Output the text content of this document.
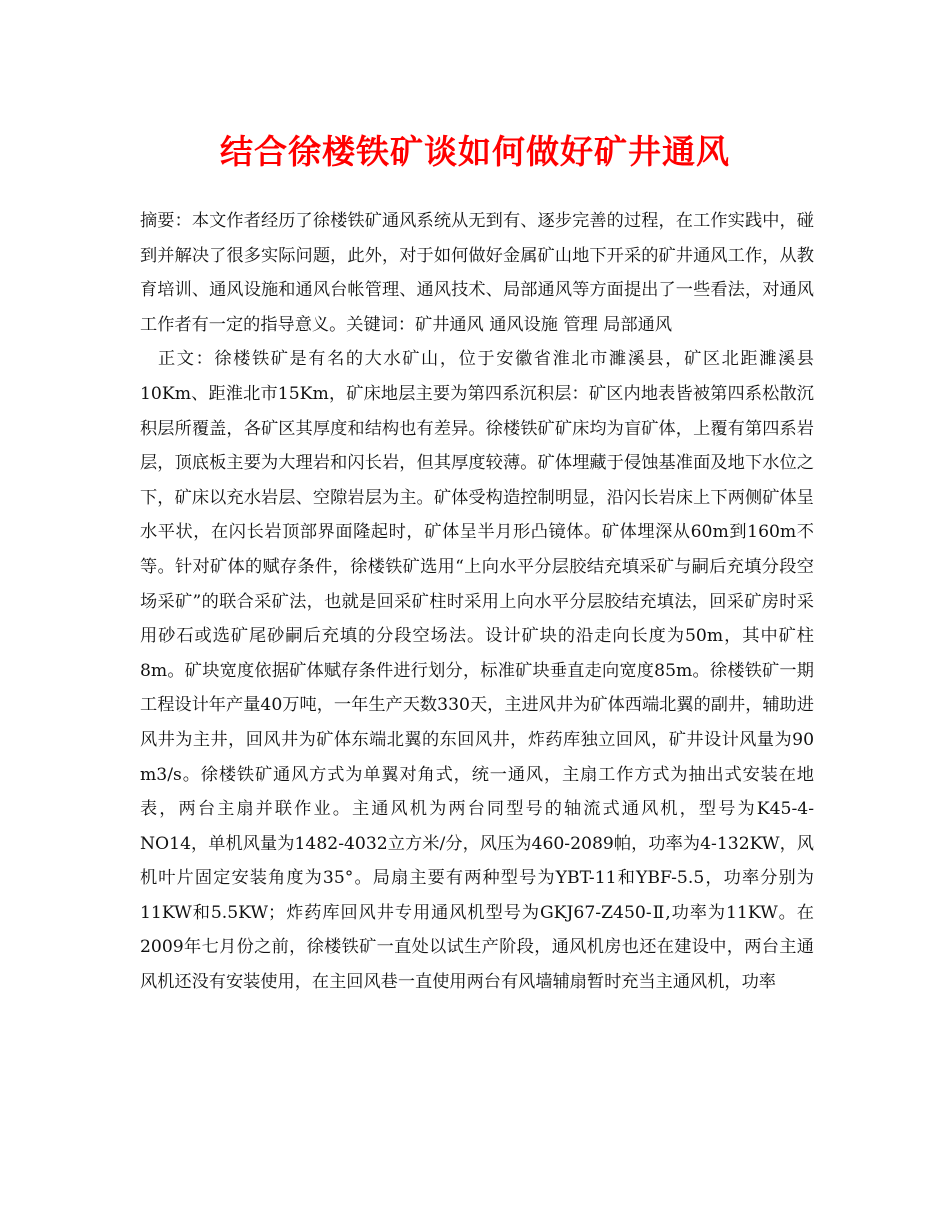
结合徐楼铁矿谈如何做好矿井通风

摘要：本文作者经历了徐楼铁矿通风系统从无到有、逐步完善的过程，在工作实践中，碰到并解决了很多实际问题，此外，对于如何做好金属矿山地下开采的矿井通风工作，从教育培训、通风设施和通风台帐管理、通风技术、局部通风等方面提出了一些看法，对通风工作者有一定的指导意义。关键词：矿井通风 通风设施 管理 局部通风

正文：徐楼铁矿是有名的大水矿山，位于安徽省淮北市濉溪县，矿区北距濉溪县10Km、距淮北市15Km，矿床地层主要为第四系沉积层：矿区内地表皆被第四系松散沉积层所覆盖，各矿区其厚度和结构也有差异。徐楼铁矿矿床均为盲矿体，上覆有第四系岩层，顶底板主要为大理岩和闪长岩，但其厚度较薄。矿体埋藏于侵蚀基准面及地下水位之下，矿床以充水岩层、空隙岩层为主。矿体受构造控制明显，沿闪长岩床上下两侧矿体呈水平状，在闪长岩顶部界面隆起时，矿体呈半月形凸镜体。矿体埋深从60m到160m不等。针对矿体的赋存条件，徐楼铁矿选用“上向水平分层胶结充填采矿与嗣后充填分段空场采矿”的联合采矿法，也就是回采矿柱时采用上向水平分层胶结充填法，回采矿房时采用砂石或选矿尾砂嗣后充填的分段空场法。设计矿块的沿走向长度为50m，其中矿柱8m。矿块宽度依据矿体赋存条件进行划分，标准矿块垂直走向宽度85m。徐楼铁矿一期工程设计年产量40万吨，一年生产天数330天，主进风井为矿体西端北翼的副井，辅助进风井为主井，回风井为矿体东端北翼的东回风井，炸药库独立回风，矿井设计风量为90 m3/s。徐楼铁矿通风方式为单翼对角式，统一通风，主扇工作方式为抽出式安装在地表，两台主扇并联作业。主通风机为两台同型号的轴流式通风机，型号为K45-4-NO14，单机风量为1482-4032立方米/分，风压为460-2089帕，功率为4-132KW，风机叶片固定安装角度为35°。局扇主要有两种型号为YBT-11和YBF-5.5，功率分别为11KW和5.5KW；炸药库回风井专用通风机型号为GKJ67-Z450-Ⅱ,功率为11KW。在2009年七月份之前，徐楼铁矿一直处以试生产阶段，通风机房也还在建设中，两台主通风机还没有安装使用，在主回风巷一直使用两台有风墙辅扇暂时充当主通风机，功率
